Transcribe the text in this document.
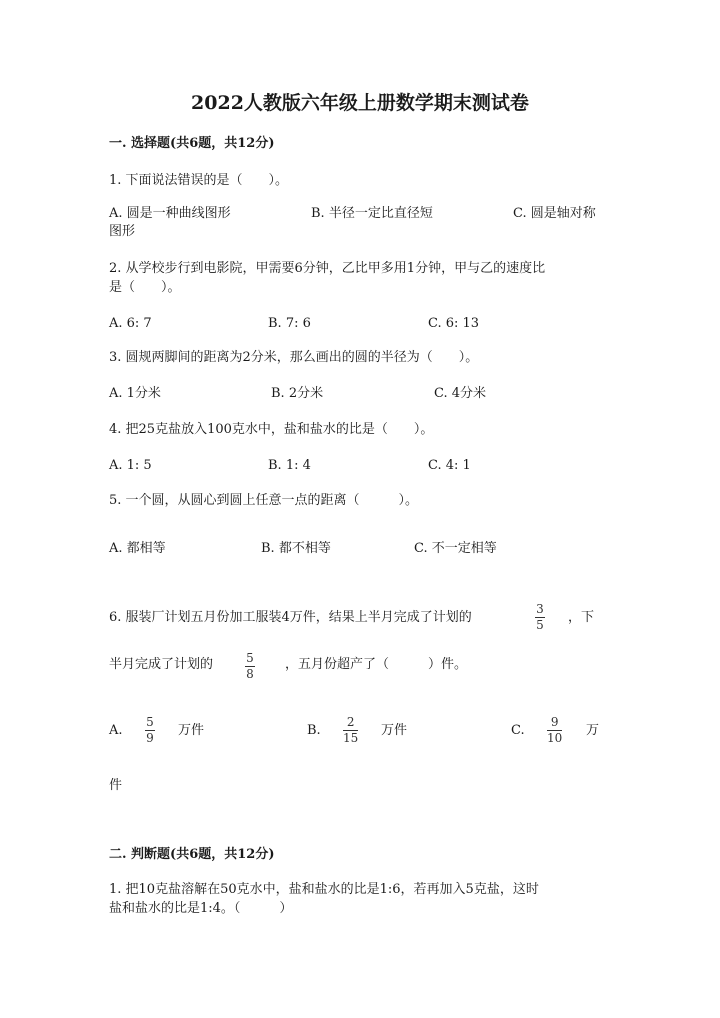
2022人教版六年级上册数学期末测试卷
一. 选择题(共6题，共12分)
1. 下面说法错误的是（　　）。
A. 圆是一种曲线图形	B. 半径一定比直径短	C. 圆是轴对称
图形
2. 从学校步行到电影院，甲需要6分钟，乙比甲多用1分钟，甲与乙的速度比
是（　　）。
A. 6: 7	B. 7: 6	C. 6: 13
3. 圆规两脚间的距离为2分米，那么画出的圆的半径为（　　）。
A. 1分米	B. 2分米	C. 4分米
4. 把25克盐放入100克水中，盐和盐水的比是（　　）。
A. 1: 5	B. 1: 4	C. 4: 1
5. 一个圆，从圆心到圆上任意一点的距离（　　　）。
A. 都相等	B. 都不相等	C. 不一定相等
6. 服装厂计划五月份加工服装4万件，结果上半月完成了计划的
3
5 ，下
半月完成了计划的	5
8
，五月份超产了（　　　）件。
A.
5
9 万件	B.
2
15 万件	C.
9
10 万
件
二. 判断题(共6题，共12分)
1. 把10克盐溶解在50克水中，盐和盐水的比是1:6，若再加入5克盐，这时
盐和盐水的比是1:4。（　　　）
